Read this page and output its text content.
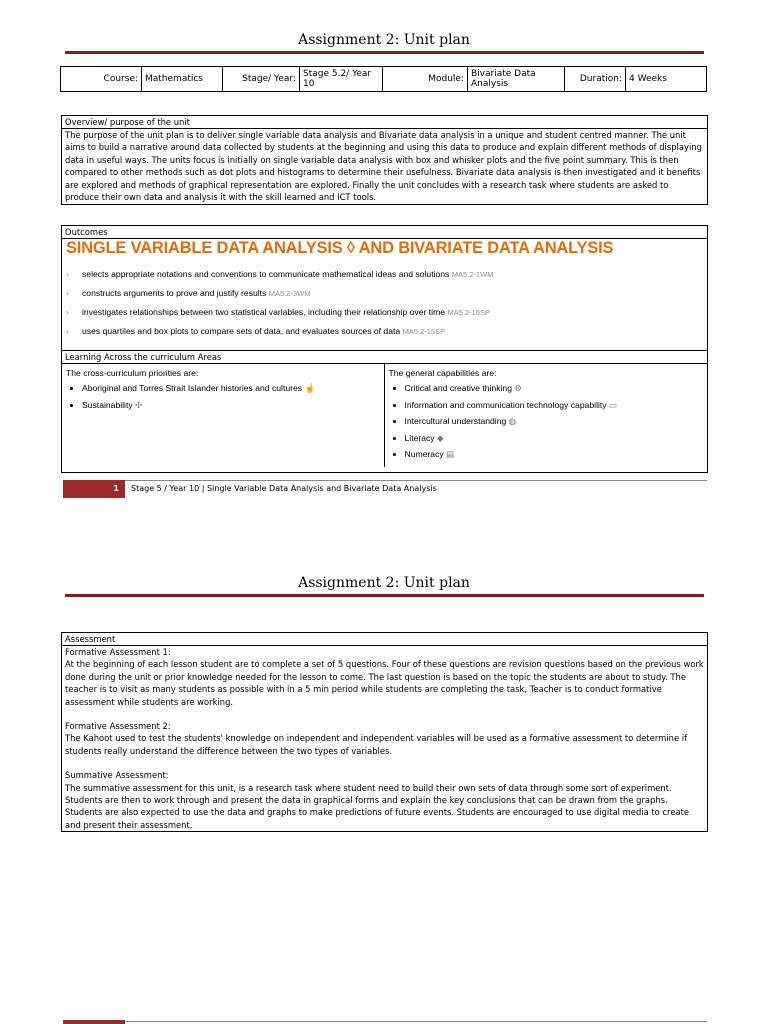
Assignment 2: Unit plan
Course:	Mathematics	Stage/ Year:	Stage 5.2/ Year 10	Module:	Bivariate Data Analysis	Duration:	4 Weeks
Overview/ purpose of the unit
The purpose of the unit plan is to deliver single variable data analysis and Bivariate data analysis in a unique and student centred manner. The unit aims to build a narrative around data collected by students at the beginning and using this data to produce and explain different methods of displaying data in useful ways. The units focus is initially on single variable data analysis with box and whisker plots and the five point summary. This is then compared to other methods such as dot plots and histograms to determine their usefulness. Bivariate data analysis is then investigated and it benefits are explored and methods of graphical representation are explored. Finally the unit concludes with a research task where students are asked to produce their own data and analysis it with the skill learned and ICT tools.
Outcomes
SINGLE VARIABLE DATA ANALYSIS ◊ AND BIVARIATE DATA ANALYSIS
› selects appropriate notations and conventions to communicate mathematical ideas and solutions MA5.2-1WM
› constructs arguments to prove and justify results MA5.2-3WM
› investigates relationships between two statistical variables, including their relationship over time MA5.2-16SP
› uses quartiles and box plots to compare sets of data, and evaluates sources of data MA5.2-15SP
Learning Across the curriculum Areas
The cross-curriculum priorities are:
• Aboriginal and Torres Strait Islander histories and cultures ☝
• Sustainability ✣
The general capabilities are:
• Critical and creative thinking ⚙
• Information and communication technology capability ▭
• Intercultural understanding ◍
• Literacy ◆
• Numeracy ▤
1	Stage 5 / Year 10 | Single Variable Data Analysis and Bivariate Data Analysis
Assignment 2: Unit plan
Assessment
Formative Assessment 1:
At the beginning of each lesson student are to complete a set of 5 questions. Four of these questions are revision questions based on the previous work done during the unit or prior knowledge needed for the lesson to come. The last question is based on the topic the students are about to study. The teacher is to visit as many students as possible with in a 5 min period while students are completing the task, Teacher is to conduct formative assessment while students are working.
Formative Assessment 2:
The Kahoot used to test the students' knowledge on independent and independent variables will be used as a formative assessment to determine if students really understand the difference between the two types of variables.
Summative Assessment:
The summative assessment for this unit, is a research task where student need to build their own sets of data through some sort of experiment. Students are then to work through and present the data in graphical forms and explain the key conclusions that can be drawn from the graphs. Students are also expected to use the data and graphs to make predictions of future events. Students are encouraged to use digital media to create and present their assessment.
